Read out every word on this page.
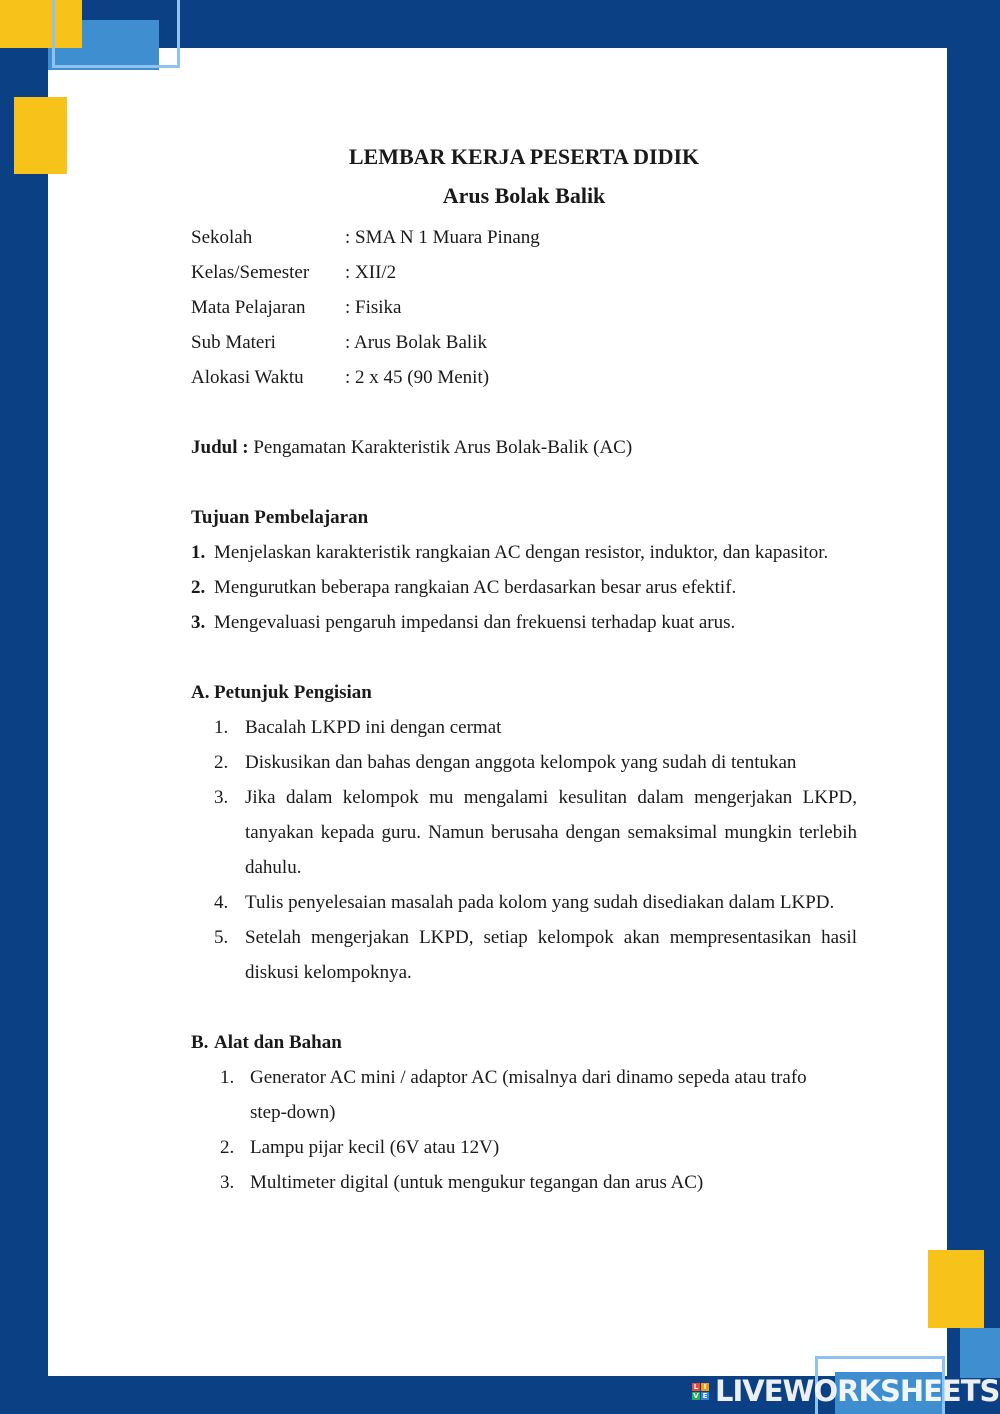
LEMBAR KERJA PESERTA DIDIK
Arus Bolak Balik
Sekolah	: SMA N 1 Muara Pinang
Kelas/Semester	: XII/2
Mata Pelajaran	: Fisika
Sub Materi	: Arus Bolak Balik
Alokasi Waktu	: 2 x 45 (90 Menit)
Judul : Pengamatan Karakteristik Arus Bolak-Balik (AC)
Tujuan Pembelajaran
1. Menjelaskan karakteristik rangkaian AC dengan resistor, induktor, dan kapasitor.
2. Mengurutkan beberapa rangkaian AC berdasarkan besar arus efektif.
3. Mengevaluasi pengaruh impedansi dan frekuensi terhadap kuat arus.
A. Petunjuk Pengisian
1. Bacalah LKPD ini dengan cermat
2. Diskusikan dan bahas dengan anggota kelompok yang sudah di tentukan
3. Jika dalam kelompok mu mengalami kesulitan dalam mengerjakan LKPD, tanyakan kepada guru. Namun berusaha dengan semaksimal mungkin terlebih dahulu.
4. Tulis penyelesaian masalah pada kolom yang sudah disediakan dalam LKPD.
5. Setelah mengerjakan LKPD, setiap kelompok akan mempresentasikan hasil diskusi kelompoknya.
B. Alat dan Bahan
1. Generator AC mini / adaptor AC (misalnya dari dinamo sepeda atau trafo step-down)
2. Lampu pijar kecil (6V atau 12V)
3. Multimeter digital (untuk mengukur tegangan dan arus AC)
L I
V E LIVEWORKSHEETS
